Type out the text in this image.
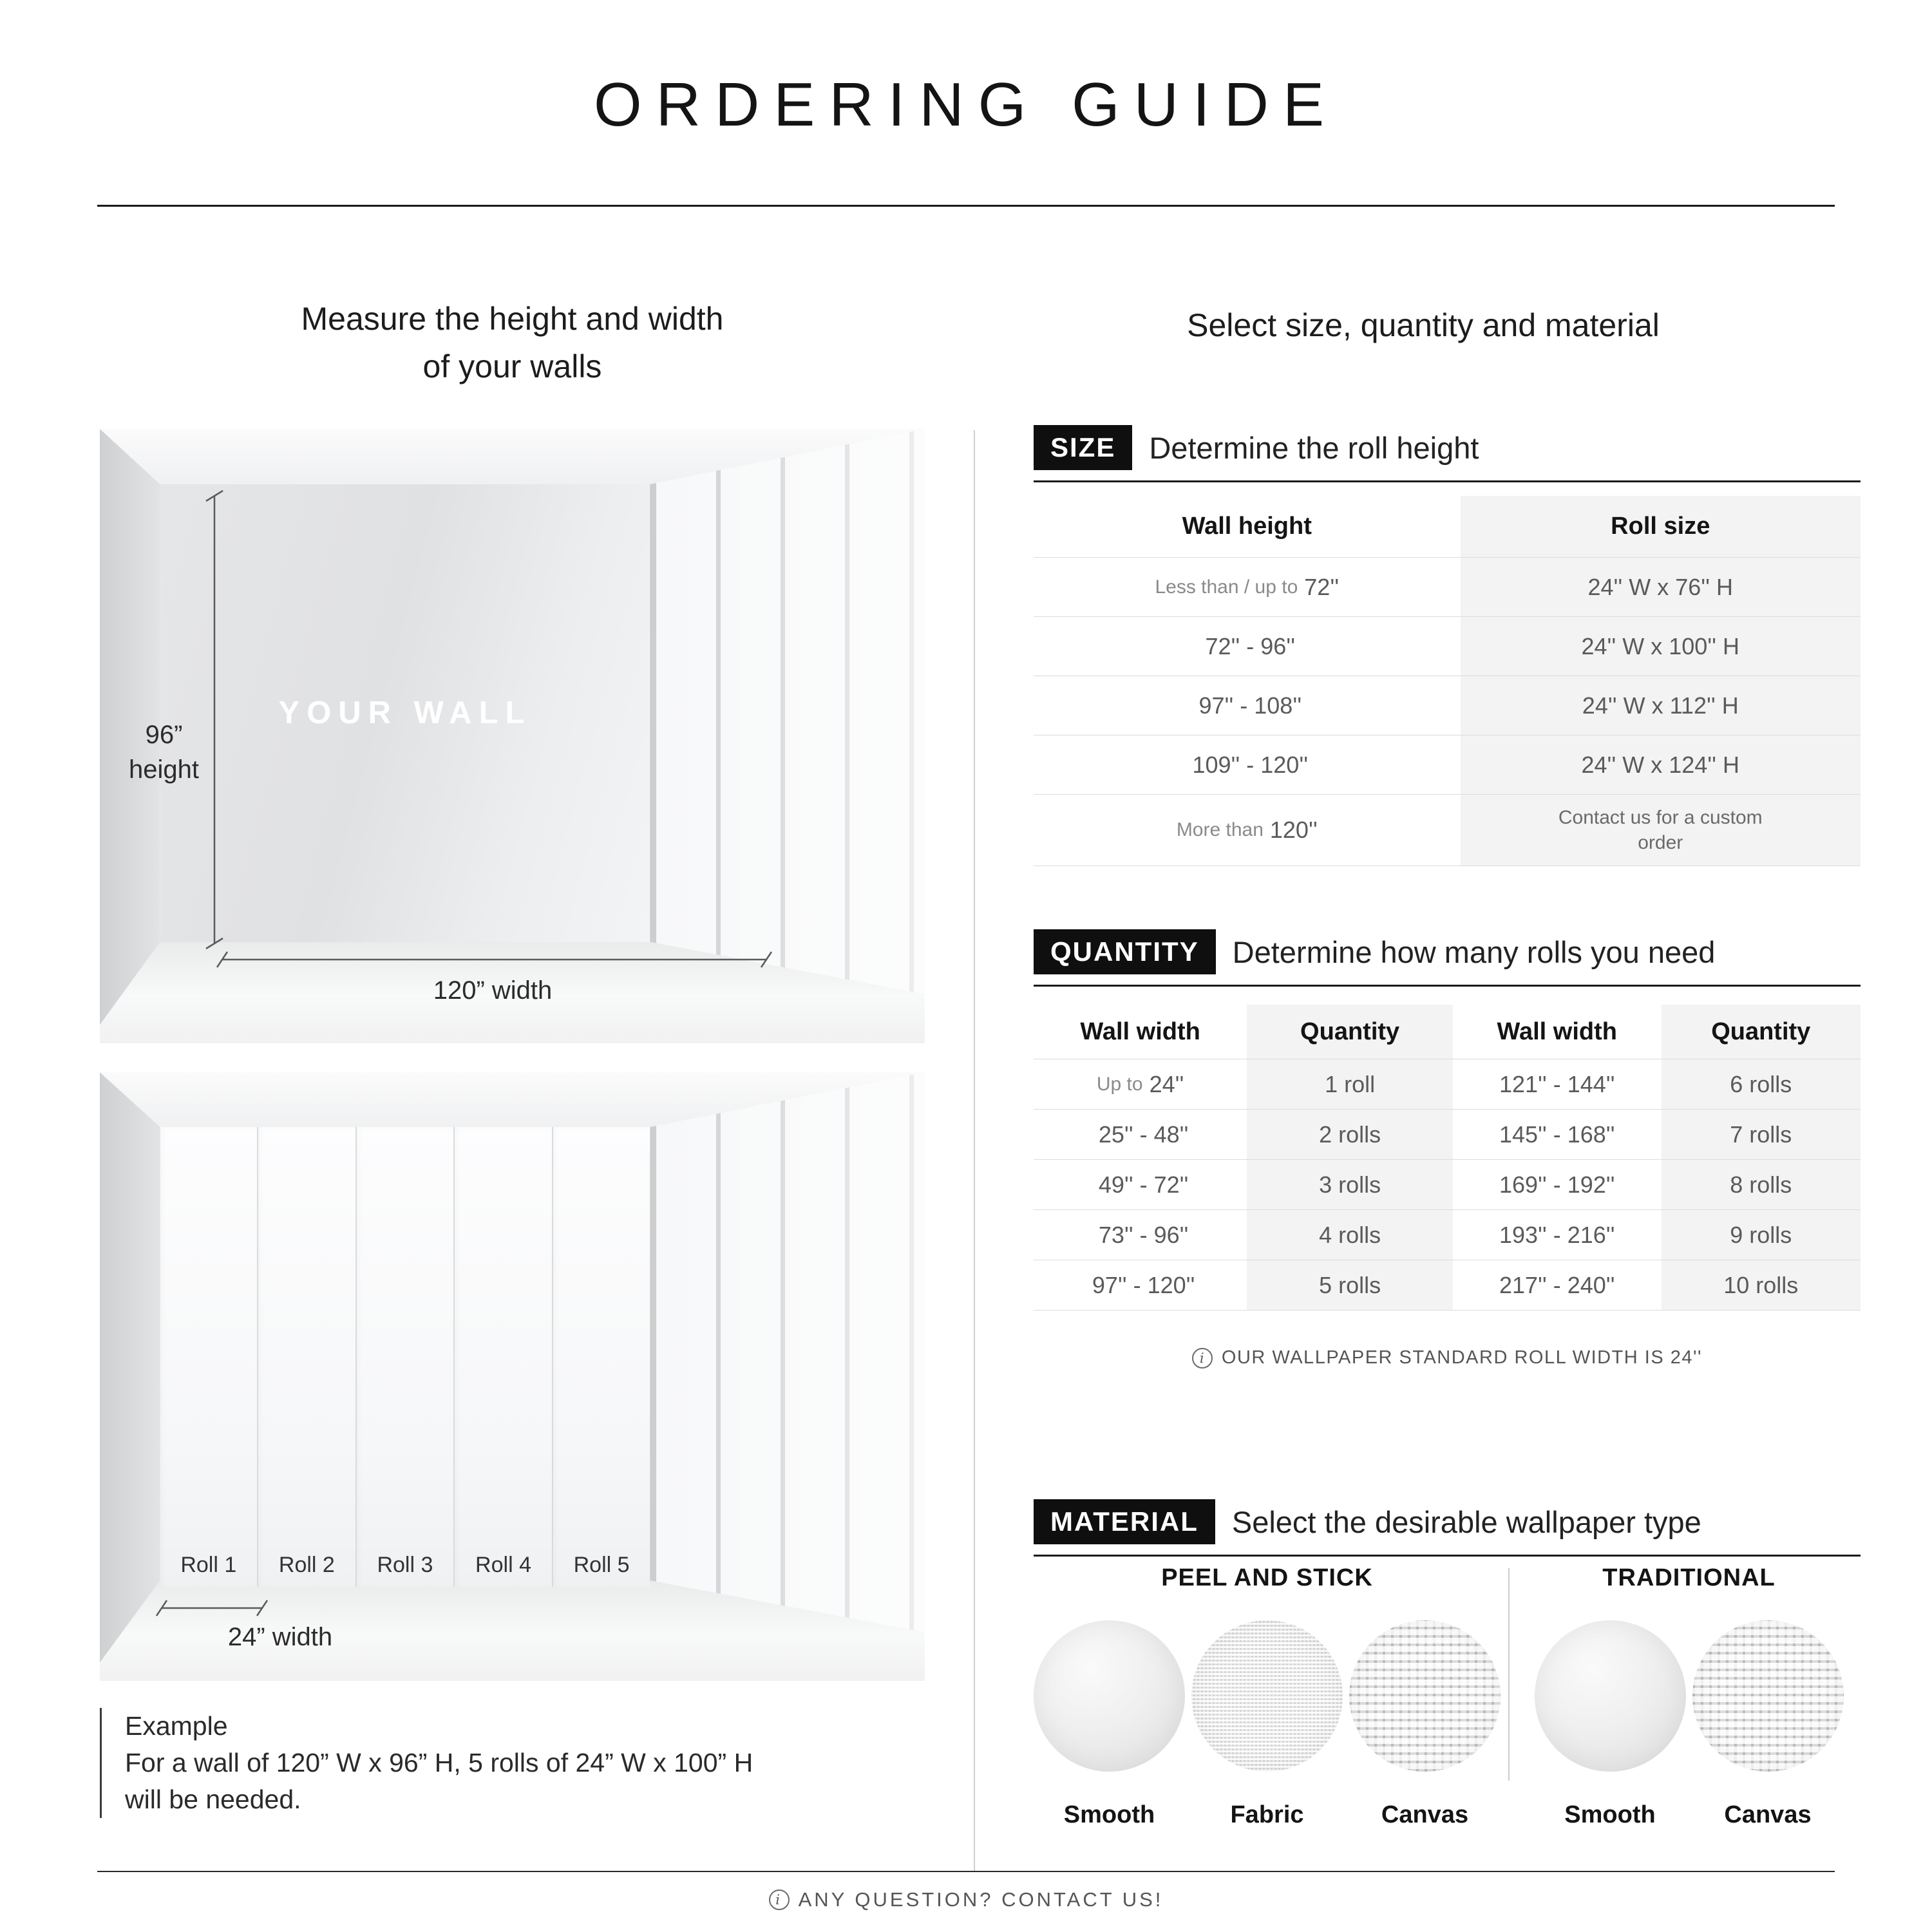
ORDERING GUIDE
Measure the height and width
of your walls
Select size, quantity and material
YOUR WALL
96”
height
120” width
Roll 1	Roll 2	Roll 3	Roll 4	Roll 5
24” width
Example
For a wall of 120” W x 96” H, 5 rolls of 24” W x 100” H
will be needed.
SIZE	Determine the roll height
Wall height	Roll size
Less than / up to 72''	24'' W x 76'' H
72'' - 96''	24'' W x 100'' H
97'' - 108''	24'' W x 112'' H
109'' - 120''	24'' W x 124'' H
More than 120''	Contact us for a custom order
QUANTITY	Determine how many rolls you need
Wall width	Quantity	Wall width	Quantity
Up to 24''	1 roll	121'' - 144''	6 rolls
25'' - 48''	2 rolls	145'' - 168''	7 rolls
49'' - 72''	3 rolls	169'' - 192''	8 rolls
73'' - 96''	4 rolls	193'' - 216''	9 rolls
97'' - 120''	5 rolls	217'' - 240''	10 rolls
i OUR WALLPAPER STANDARD ROLL WIDTH IS 24''
MATERIAL	Select the desirable wallpaper type
PEEL AND STICK
Smooth	Fabric	Canvas
TRADITIONAL
Smooth	Canvas
i ANY QUESTION? CONTACT US!
